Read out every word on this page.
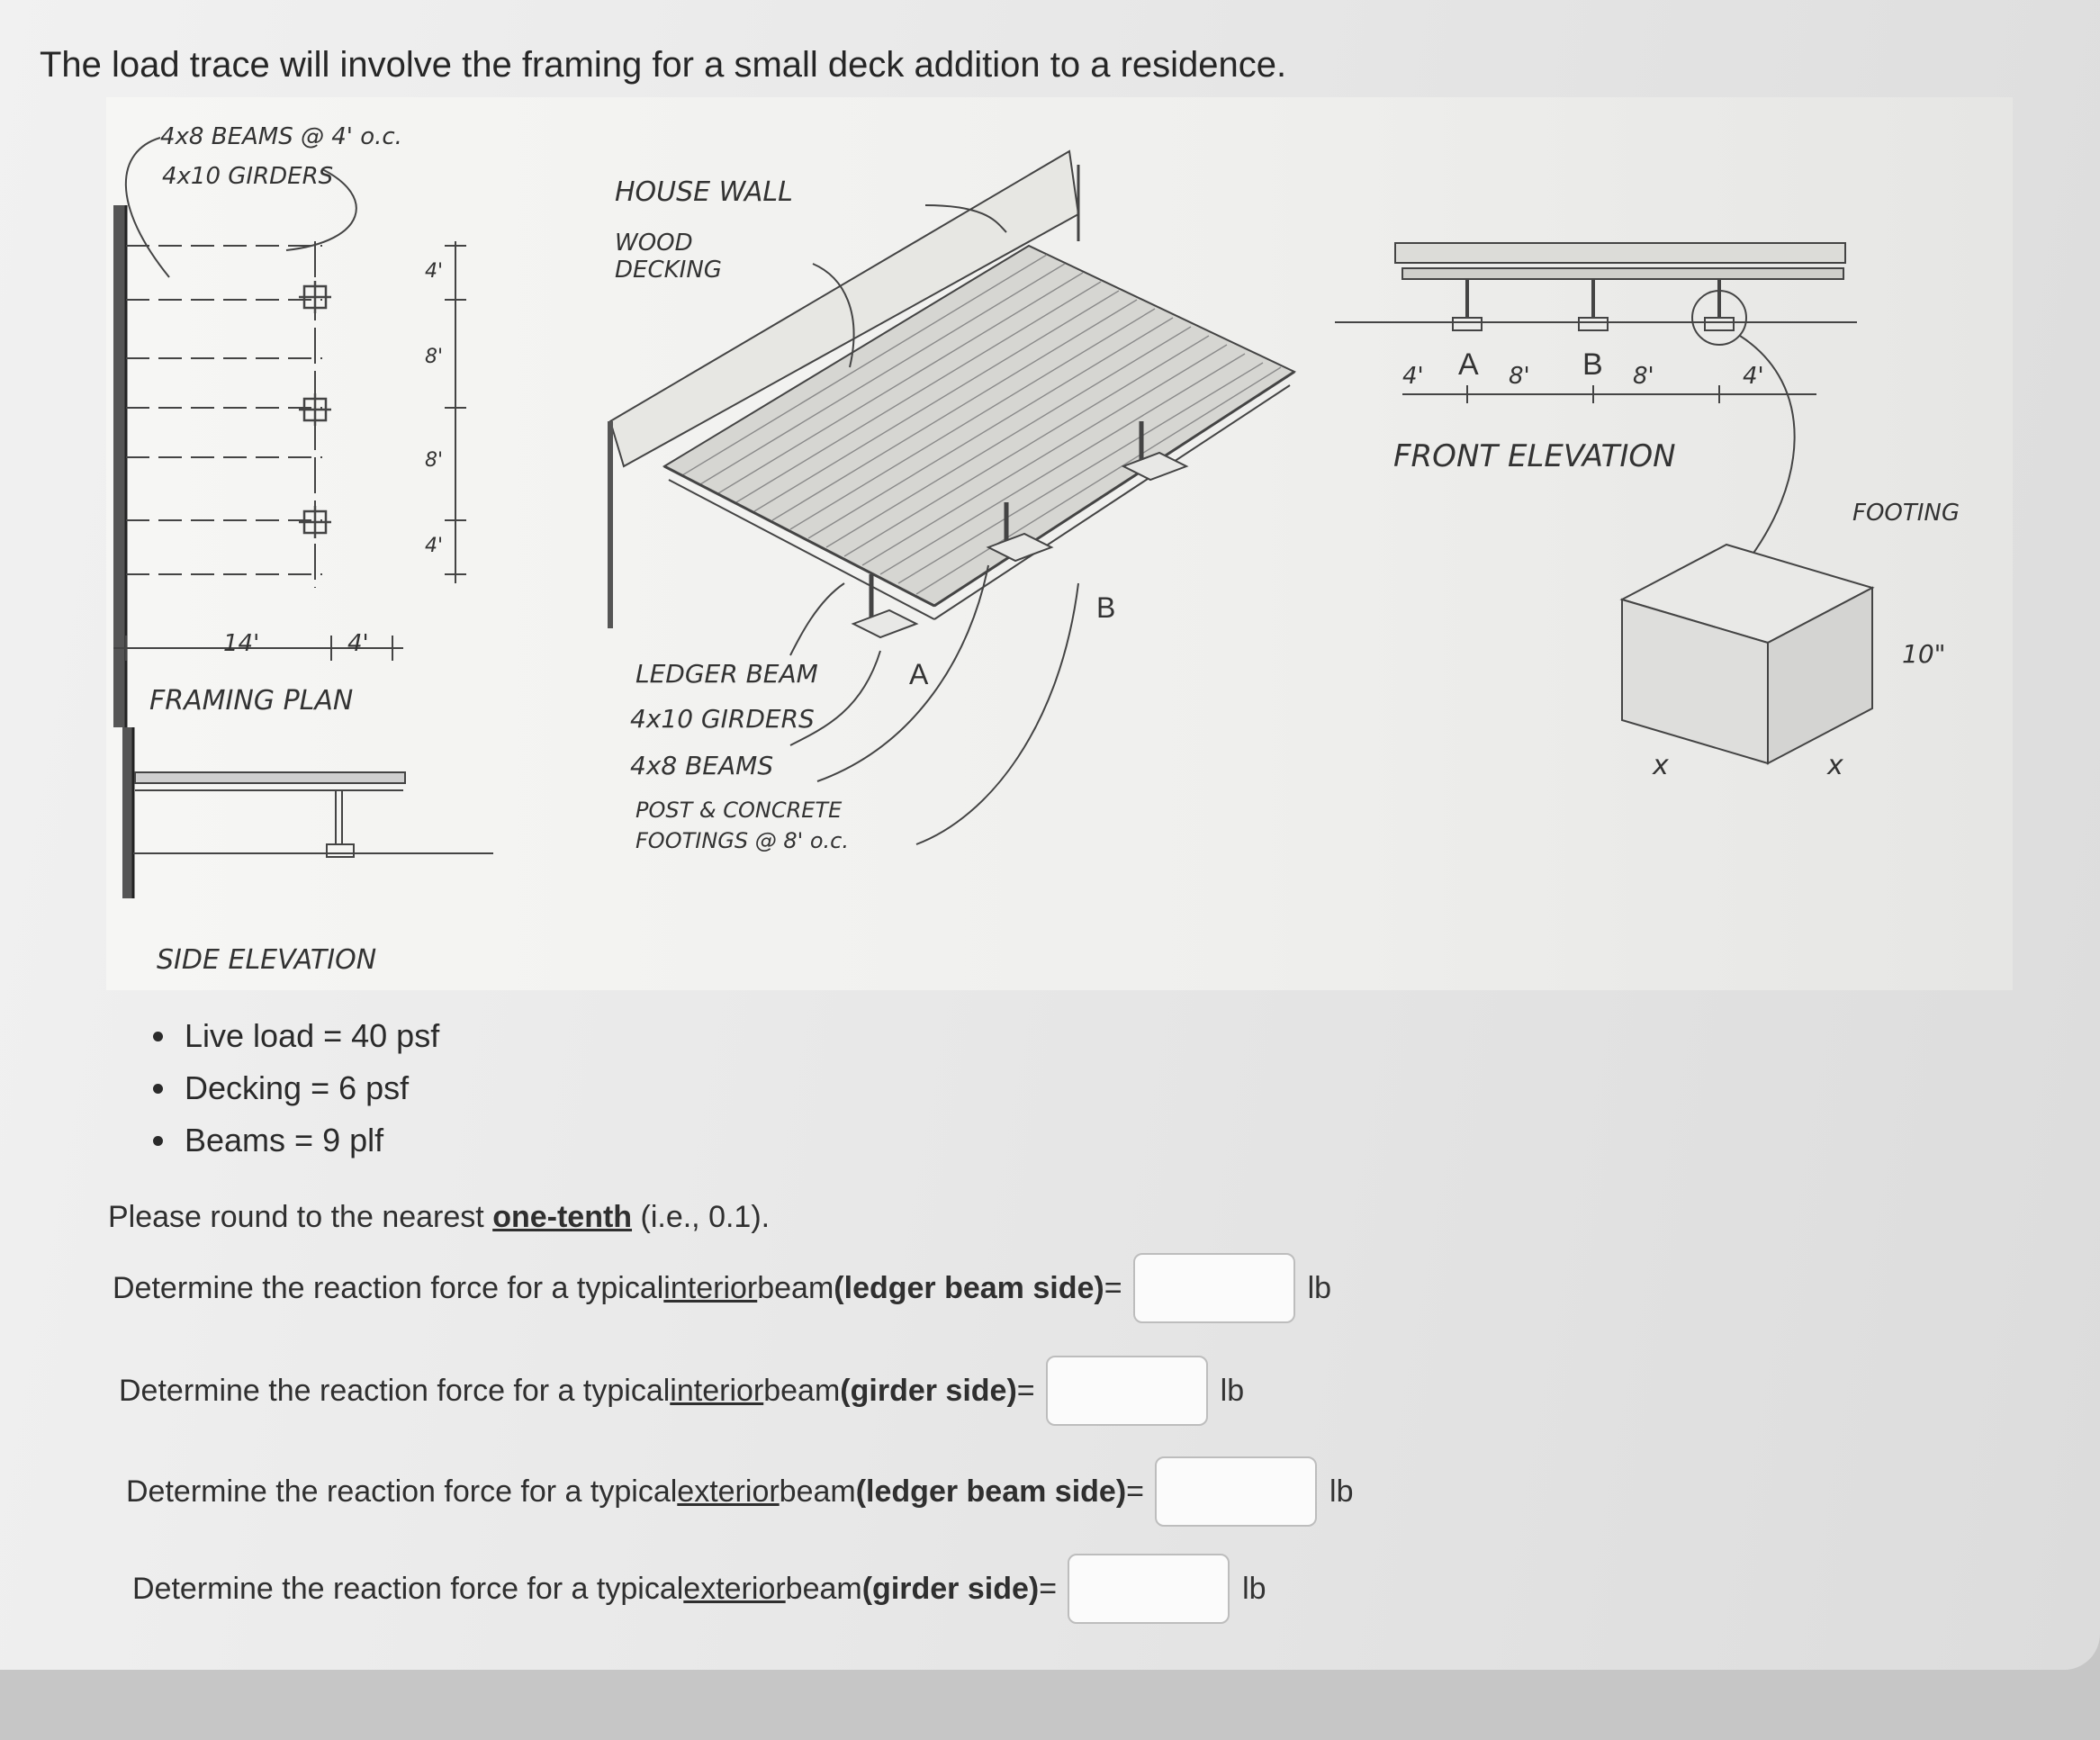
The load trace will involve the framing for a small deck addition to a residence.
4x8 BEAMS @ 4' o.c.
4x10 GIRDERS
14'	4'
4'
8'
8'
4'
FRAMING PLAN
SIDE ELEVATION
HOUSE WALL
WOOD
DECKING
LEDGER BEAM
4x10 GIRDERS
4x8 BEAMS
POST & CONCRETE
FOOTINGS @ 8' o.c.
A
B
4' A 8' B 8'	4'
FRONT ELEVATION
FOOTING
10"
x	x
Live load = 40 psf
Decking = 6 psf
Beams = 9 plf
Please round to the nearest one-tenth (i.e., 0.1).
Determine the reaction force for a typical interior beam (ledger beam side) =	lb
Determine the reaction force for a typical interior beam (girder side) =	lb
Determine the reaction force for a typical exterior beam (ledger beam side) =	lb
Determine the reaction force for a typical exterior beam (girder side) =	lb
